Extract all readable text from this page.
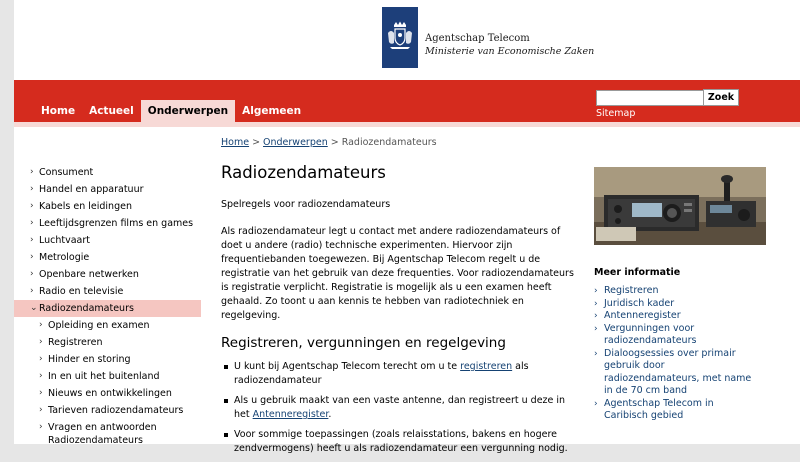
Agentschap Telecom
Ministerie van Economische Zaken
Home	Actueel	Onderwerpen	Algemeen
Zoek
Sitemap
Home > Onderwerpen > Radiozendamateurs
› Consument
› Handel en apparatuur
› Kabels en leidingen
› Leeftijdsgrenzen films en games
› Luchtvaart
› Metrologie
› Openbare netwerken
› Radio en televisie
⌄ Radiozendamateurs
› Opleiding en examen
› Registreren
› Hinder en storing
› In en uit het buitenland
› Nieuws en ontwikkelingen
› Tarieven radiozendamateurs
› Vragen en antwoorden
Radiozendamateurs
Radiozendamateurs
Spelregels voor radiozendamateurs
Als radiozendamateur legt u contact met andere radiozendamateurs of
doet u andere (radio) technische experimenten. Hiervoor zijn
frequentiebanden toegewezen. Bij Agentschap Telecom regelt u de
registratie van het gebruik van deze frequenties. Voor radiozendamateurs
is registratie verplicht. Registratie is mogelijk als u een examen heeft
gehaald. Zo toont u aan kennis te hebben van radiotechniek en
regelgeving.
Registreren, vergunningen en regelgeving
U kunt bij Agentschap Telecom terecht om u te registreren als
radiozendamateur
Als u gebruik maakt van een vaste antenne, dan registreert u deze in
het Antenneregister.
Voor sommige toepassingen (zoals relaisstations, bakens en hogere
zendvermogens) heeft u als radiozendamateur een vergunning nodig.
Meer informatie
› Registreren
› Juridisch kader
› Antenneregister
› Vergunningen voor
radiozendamateurs
› Dialoogsessies over primair
gebruik door
radiozendamateurs, met name
in de 70 cm band
› Agentschap Telecom in
Caribisch gebied
